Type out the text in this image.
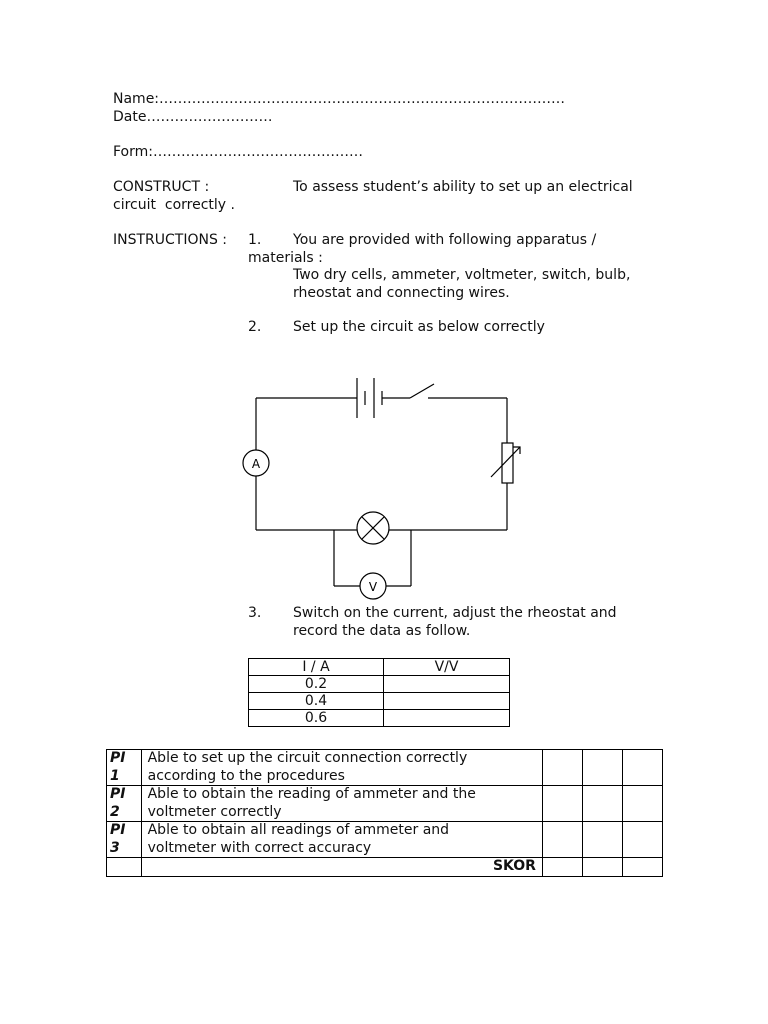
Name:……………………………………………………………………………
Date………………………
Form:………………………………………
CONSTRUCT :	To assess student’s ability to set up an electrical
circuit  correctly .
INSTRUCTIONS : 1. You are provided with following apparatus /
materials :
Two dry cells, ammeter, voltmeter, switch, bulb,
rheostat and connecting wires.
2. Set up the circuit as below correctly
A
V
3. Switch on the current, adjust the rheostat and
record the data as follow.
I / A	V/V
0.2	
0.4	
0.6	
PI
1	Able to set up the circuit connection correctly
according to the procedures			
PI
2	Able to obtain the reading of ammeter and the
voltmeter correctly			
PI
3	Able to obtain all readings of ammeter and
voltmeter with correct accuracy			
	SKOR			
